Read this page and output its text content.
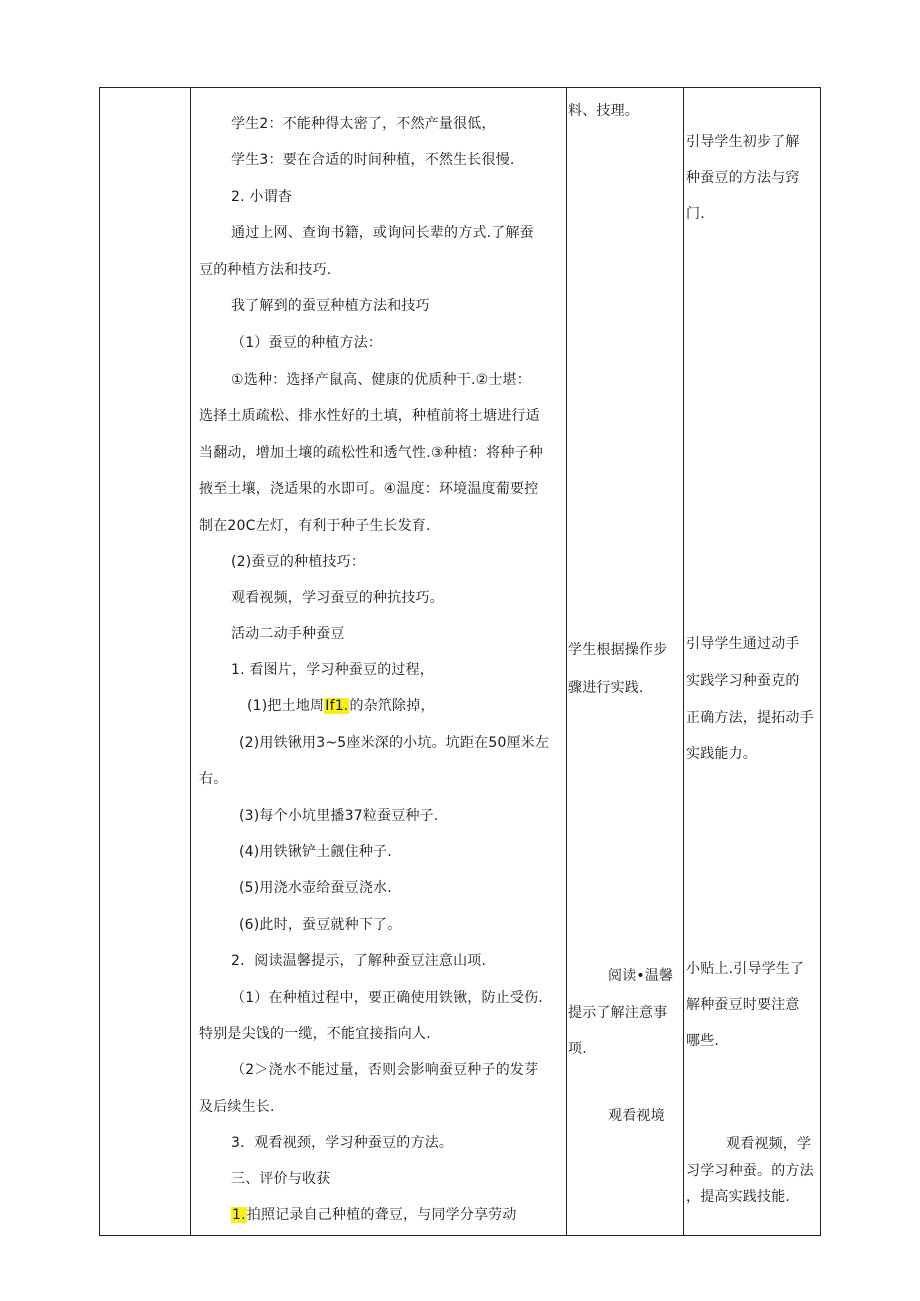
学生2：不能种得太密了，不然产量很低，
学生3：要在合适的时间种植，不然生长很慢.
2. 小谓杳
通过上网、查询书籍，或询问长辈的方式.了解蚕
豆的种植方法和技巧.
我了解到的蚕豆种植方法和技巧
（1）蚕豆的种植方法：
①选种：选择产鼠高、健康的优质种干.②士堪：
选择土质疏松、排水性好的土填，种植前将土塘进行适
当翻动，增加土壤的疏松性和透气性.③种植：将种子种
掖至土壤，浇适果的水即可。④温度：环境温度葡要控
制在20C左灯，有利于种子生长发育.
(2)蚕豆的种植技巧：
观看视频，学习蚕豆的种抗技巧。
活动二动手种蚕豆
1. 看图片，学习种蚕豆的过程，
(1)把土地周If1.的杂笊除掉，
(2)用铁锹用3~5座米深的小坑。坑距在50厘米左
右。
(3)每个小坑里播37粒蚕豆种子.
(4)用铁锹铲土觎住种子.
(5)用浇水壶给蚕豆浇水.
(6)此时，蚕豆就种下了。
2．阅读温馨提示，了解种蚕豆注意山项.
（1）在种植过程中，要正确使用铁锹，防止受伤.
特别是尖饯的一缆，不能宜接指向人.
（2＞浇水不能过量，否则会影响蚕豆种子的发芽
及后续生长.
3．观看视颈，学习种蚕豆的方法。
三、评价与收获
1.拍照记录自己种植的聋豆，与同学分享劳动
料、技理。
学生根据操作步
骤进行实践.
阅读•温馨
提示了解注意事
项.
观看视境
引导学生初步了解
种蚕豆的方法与窍
门.
引导学生通过动手
实践学习种蚕克的
正确方法，提拓动手
实践能力。
小贴上.引导学生了
解种蚕豆时要注意
哪些.
观看视频，学
习学习种蚕。的方法
，提高实践技能.
